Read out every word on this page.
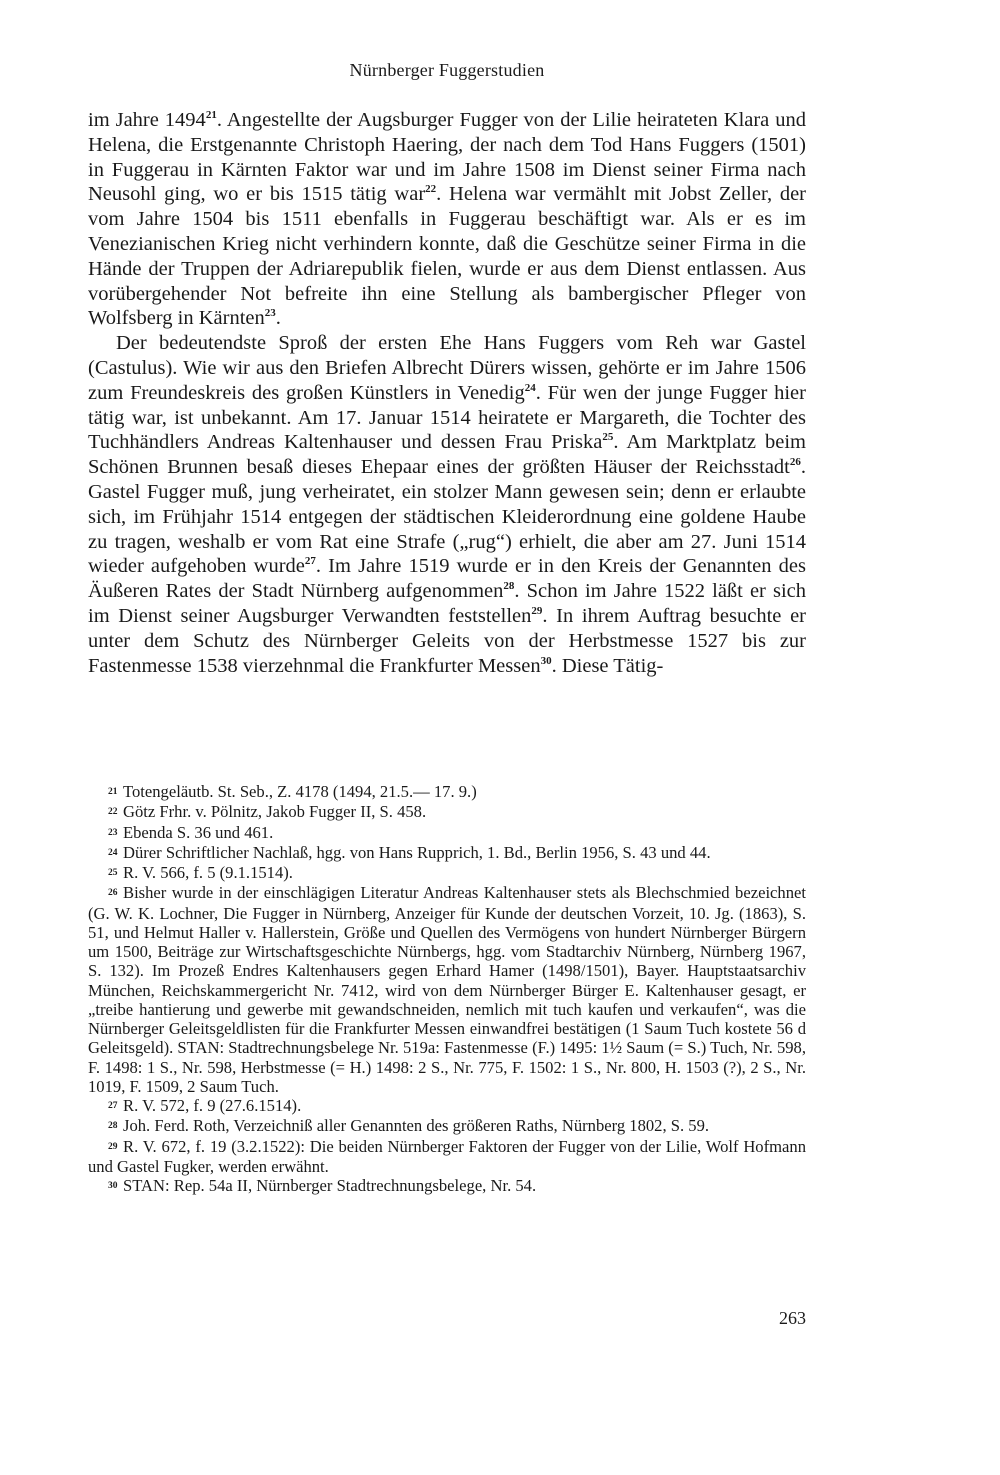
Nürnberger Fuggerstudien

im Jahre 1494$^{21}$. Angestellte der Augsburger Fugger von der Lilie heirateten Klara und Helena, die Erstgenannte Christoph Haering, der nach dem Tod Hans Fuggers (1501) in Fuggerau in Kärnten Faktor war und im Jahre 1508 im Dienst seiner Firma nach Neusohl ging, wo er bis 1515 tätig war$^{22}$. Helena war vermählt mit Jobst Zeller, der vom Jahre 1504 bis 1511 ebenfalls in Fuggerau beschäftigt war. Als er es im Venezianischen Krieg nicht verhindern konnte, daß die Geschütze seiner Firma in die Hände der Truppen der Adriarepublik fielen, wurde er aus dem Dienst entlassen. Aus vorübergehender Not befreite ihn eine Stellung als bambergischer Pfleger von Wolfsberg in Kärnten$^{23}$.

Der bedeutendste Sproß der ersten Ehe Hans Fuggers vom Reh war Gastel (Castulus). Wie wir aus den Briefen Albrecht Dürers wissen, gehörte er im Jahre 1506 zum Freundeskreis des großen Künstlers in Venedig$^{24}$. Für wen der junge Fugger hier tätig war, ist unbekannt. Am 17. Januar 1514 heiratete er Margareth, die Tochter des Tuchhändlers Andreas Kaltenhauser und dessen Frau Priska$^{25}$. Am Marktplatz beim Schönen Brunnen besaß dieses Ehepaar eines der größten Häuser der Reichsstadt$^{26}$. Gastel Fugger muß, jung verheiratet, ein stolzer Mann gewesen sein; denn er erlaubte sich, im Frühjahr 1514 entgegen der städtischen Kleiderordnung eine goldene Haube zu tragen, weshalb er vom Rat eine Strafe („rug“) erhielt, die aber am 27. Juni 1514 wieder aufgehoben wurde$^{27}$. Im Jahre 1519 wurde er in den Kreis der Genannten des Äußeren Rates der Stadt Nürnberg aufgenommen$^{28}$. Schon im Jahre 1522 läßt er sich im Dienst seiner Augsburger Verwandten feststellen$^{29}$. In ihrem Auftrag besuchte er unter dem Schutz des Nürnberger Geleits von der Herbstmesse 1527 bis zur Fastenmesse 1538 vierzehnmal die Frankfurter Messen$^{30}$. Diese Tätig-

21 Totengeläutb. St. Seb., Z. 4178 (1494, 21.5.— 17. 9.)

22 Götz Frhr. v. Pölnitz, Jakob Fugger II, S. 458.

23 Ebenda S. 36 und 461.

24 Dürer Schriftlicher Nachlaß, hgg. von Hans Rupprich, 1. Bd., Berlin 1956, S. 43 und 44.

25 R. V. 566, f. 5 (9.1.1514).

26 Bisher wurde in der einschlägigen Literatur Andreas Kaltenhauser stets als Blechschmied bezeichnet (G. W. K. Lochner, Die Fugger in Nürnberg, Anzeiger für Kunde der deutschen Vorzeit, 10. Jg. (1863), S. 51, und Helmut Haller v. Hallerstein, Größe und Quellen des Vermögens von hundert Nürnberger Bürgern um 1500, Beiträge zur Wirtschaftsgeschichte Nürnbergs, hgg. vom Stadtarchiv Nürnberg, Nürnberg 1967, S. 132). Im Prozeß Endres Kaltenhausers gegen Erhard Hamer (1498/1501), Bayer. Hauptstaatsarchiv München, Reichskammergericht Nr. 7412, wird von dem Nürnberger Bürger E. Kaltenhauser gesagt, er „treibe hantierung und gewerbe mit gewandschneiden, nemlich mit tuch kaufen und verkaufen“, was die Nürnberger Geleitsgeldlisten für die Frankfurter Messen einwandfrei bestätigen (1 Saum Tuch kostete 56 d Geleitsgeld). STAN: Stadtrechnungsbelege Nr. 519a: Fastenmesse (F.) 1495: 1½ Saum (= S.) Tuch, Nr. 598, F. 1498: 1 S., Nr. 598, Herbstmesse (= H.) 1498: 2 S., Nr. 775, F. 1502: 1 S., Nr. 800, H. 1503 (?), 2 S., Nr. 1019, F. 1509, 2 Saum Tuch.

27 R. V. 572, f. 9 (27.6.1514).

28 Joh. Ferd. Roth, Verzeichniß aller Genannten des größeren Raths, Nürnberg 1802, S. 59.

29 R. V. 672, f. 19 (3.2.1522): Die beiden Nürnberger Faktoren der Fugger von der Lilie, Wolf Hofmann und Gastel Fugker, werden erwähnt.

30 STAN: Rep. 54a II, Nürnberger Stadtrechnungsbelege, Nr. 54.

263
